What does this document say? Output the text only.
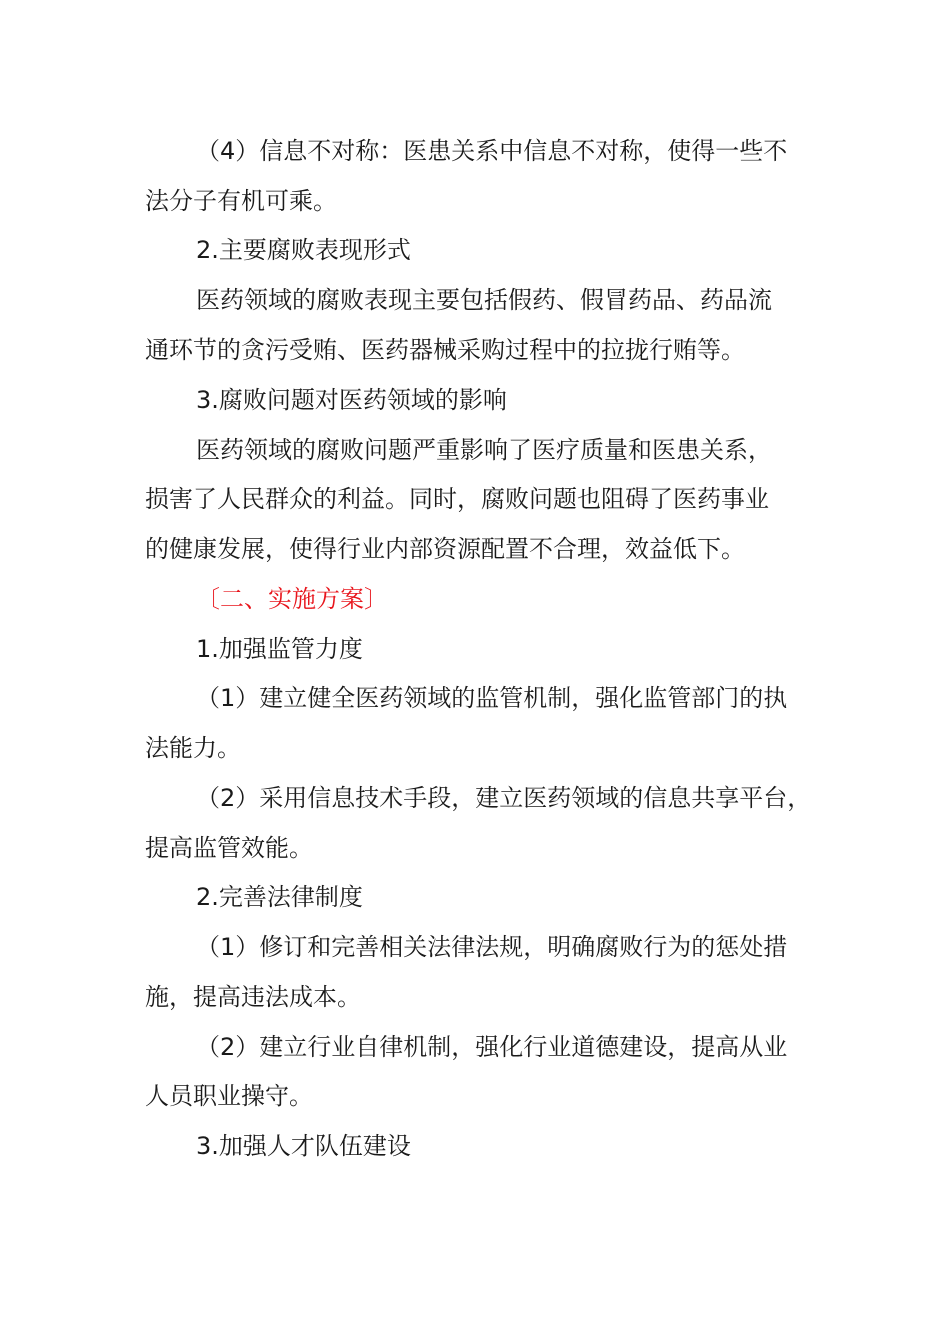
（4）信息不对称：医患关系中信息不对称，使得一些不
法分子有机可乘。
2.主要腐败表现形式
医药领域的腐败表现主要包括假药、假冒药品、药品流
通环节的贪污受贿、医药器械采购过程中的拉拢行贿等。
3.腐败问题对医药领域的影响
医药领域的腐败问题严重影响了医疗质量和医患关系，
损害了人民群众的利益。同时，腐败问题也阻碍了医药事业
的健康发展，使得行业内部资源配置不合理，效益低下。
〔二、实施方案〕
1.加强监管力度
（1）建立健全医药领域的监管机制，强化监管部门的执
法能力。
（2）采用信息技术手段，建立医药领域的信息共享平台，
提高监管效能。
2.完善法律制度
（1）修订和完善相关法律法规，明确腐败行为的惩处措
施，提高违法成本。
（2）建立行业自律机制，强化行业道德建设，提高从业
人员职业操守。
3.加强人才队伍建设
